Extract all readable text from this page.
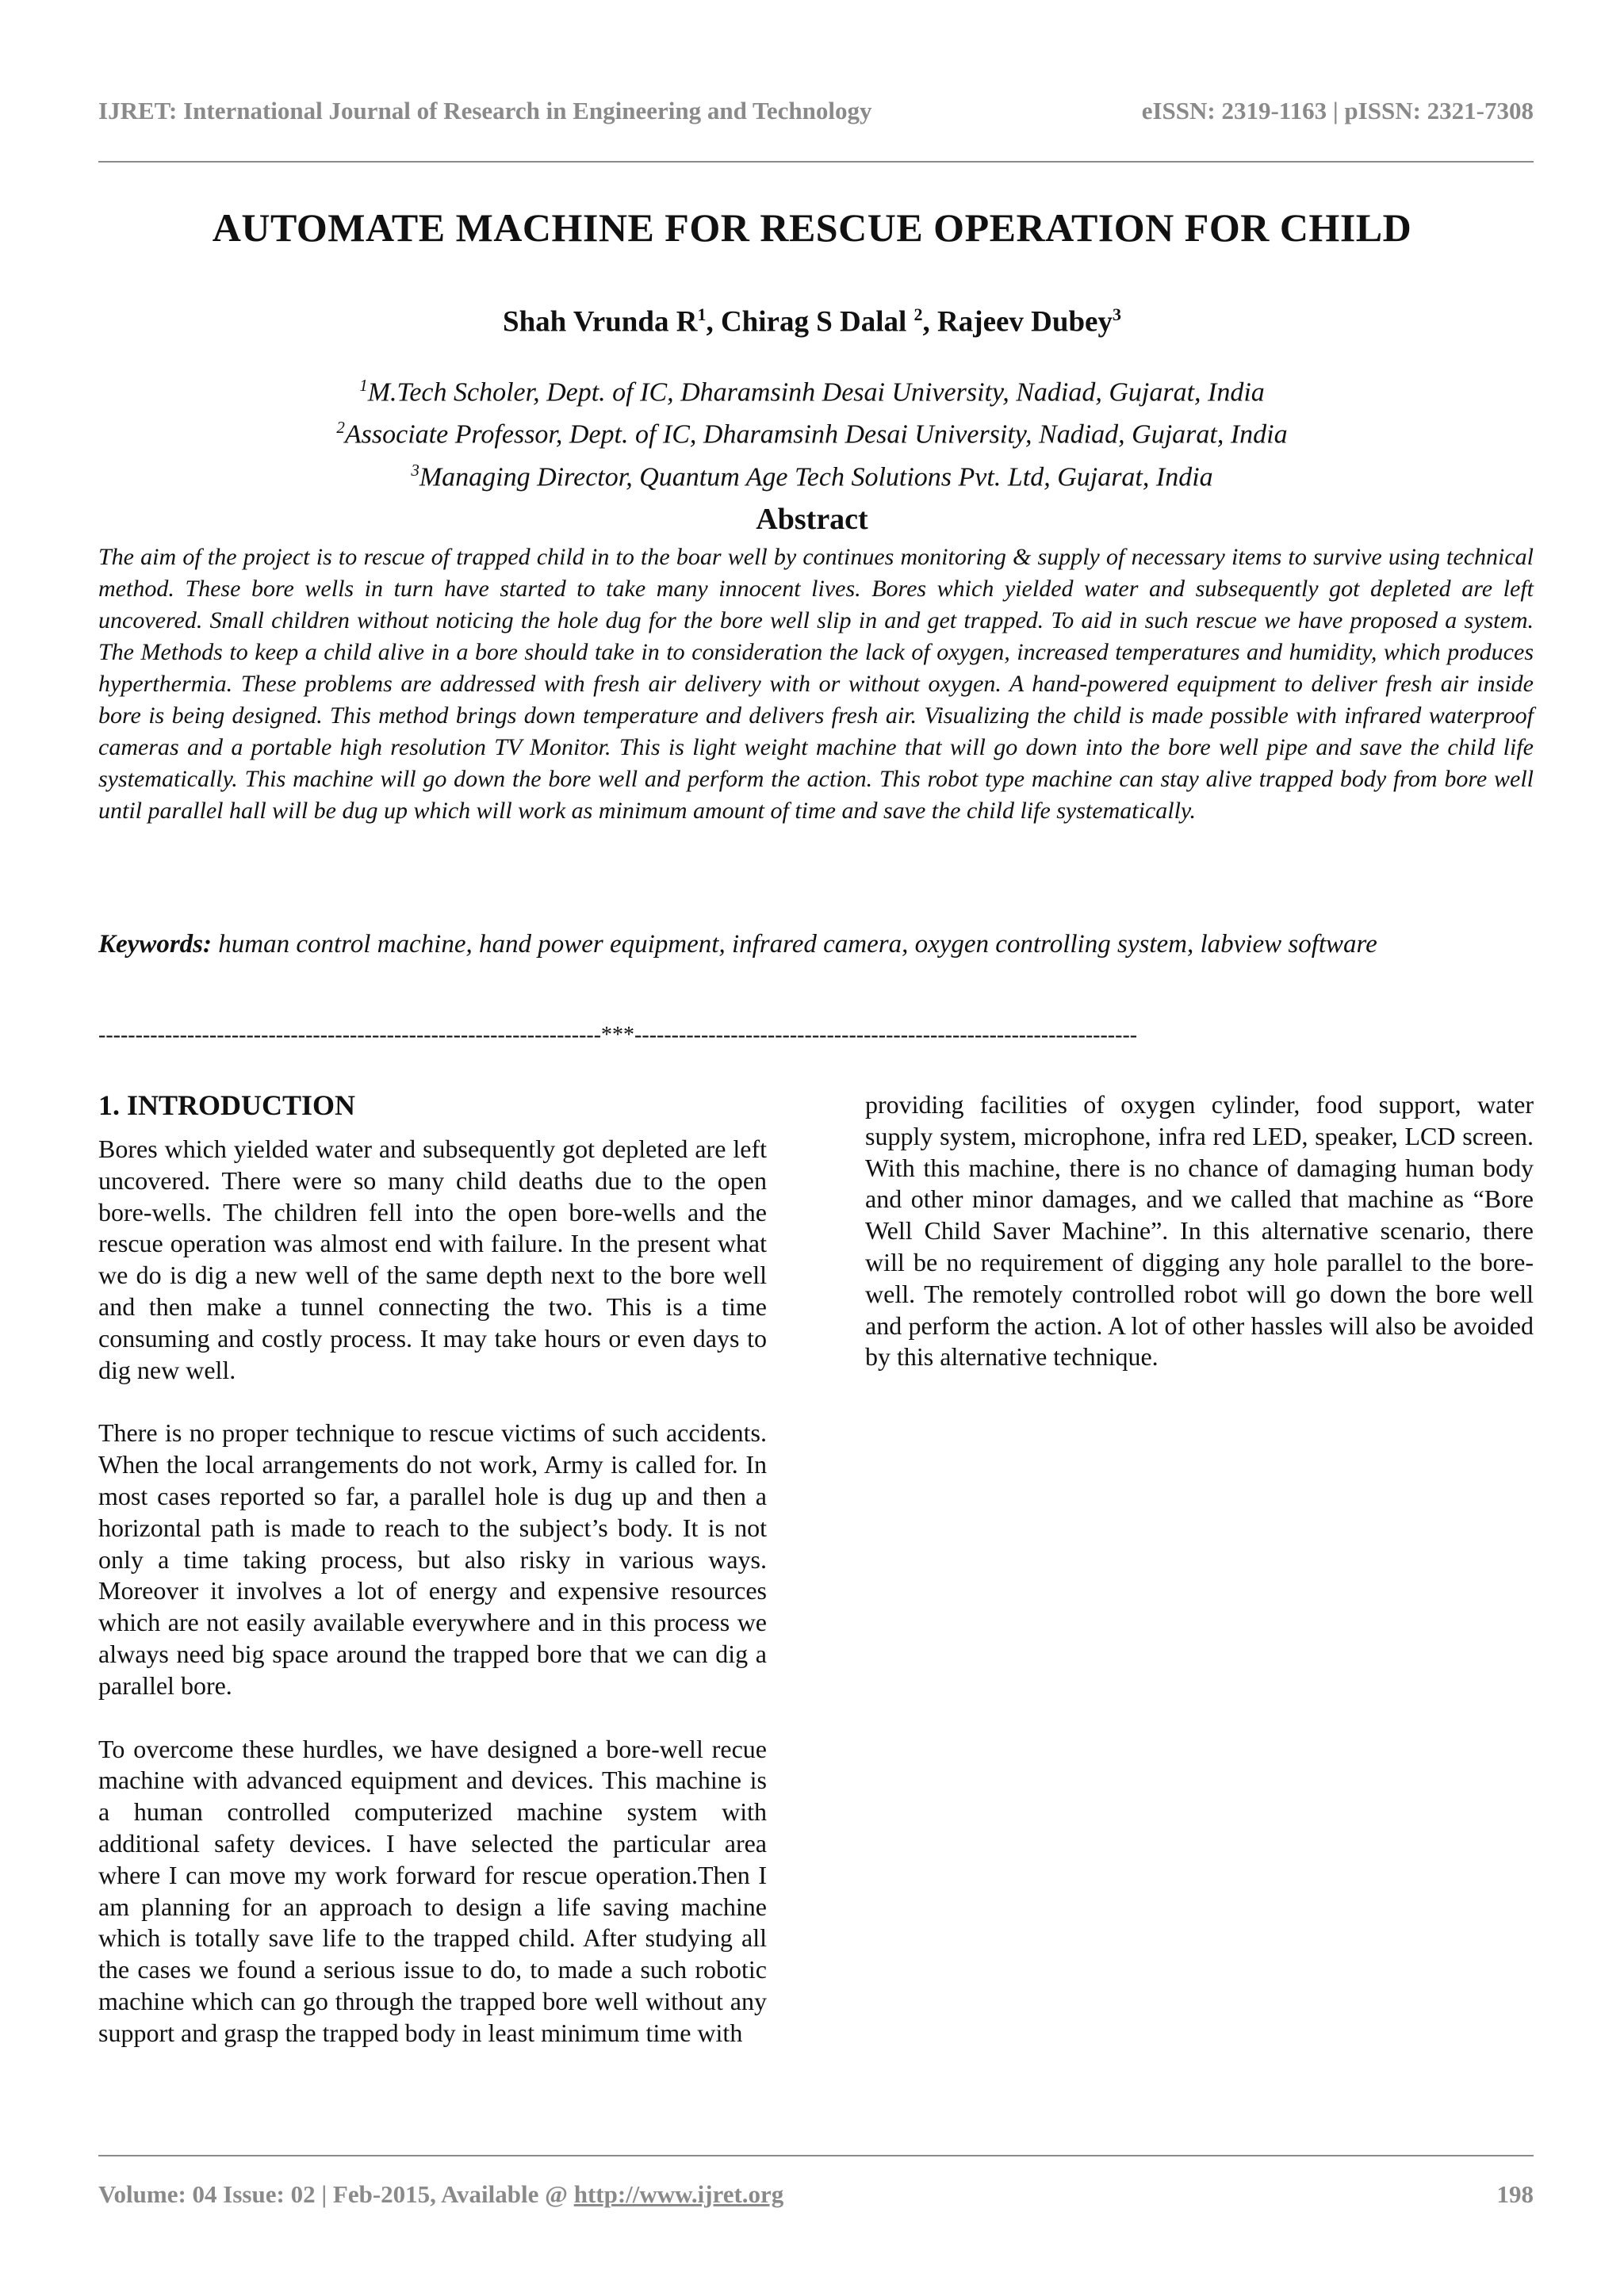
IJRET: International Journal of Research in Engineering and Technology	eISSN: 2319-1163 | pISSN: 2321-7308
AUTOMATE MACHINE FOR RESCUE OPERATION FOR CHILD
Shah Vrunda $R^1$, Chirag S Dalal $^2$, Rajeev Dubey$^3$
$^1$M.Tech Scholer, Dept. of IC, Dharamsinh Desai University, Nadiad, Gujarat, India
$^2$Associate Professor, Dept. of IC, Dharamsinh Desai University, Nadiad, Gujarat, India
$^3$Managing Director, Quantum Age Tech Solutions Pvt. Ltd, Gujarat, India
Abstract

The aim of the project is to rescue of trapped child in to the boar well by continues monitoring & supply of necessary items to survive using technical method. These bore wells in turn have started to take many innocent lives. Bores which yielded water and subsequently got depleted are left uncovered. Small children without noticing the hole dug for the bore well slip in and get trapped. To aid in such rescue we have proposed a system. The Methods to keep a child alive in a bore should take in to consideration the lack of oxygen, increased temperatures and humidity, which produces hyperthermia. These problems are addressed with fresh air delivery with or without oxygen. A hand-powered equipment to deliver fresh air inside bore is being designed. This method brings down temperature and delivers fresh air. Visualizing the child is made possible with infrared waterproof cameras and a portable high resolution TV Monitor. This is light weight machine that will go down into the bore well pipe and save the child life systematically. This machine will go down the bore well and perform the action. This robot type machine can stay alive trapped body from bore well until parallel hall will be dug up which will work as minimum amount of time and save the child life systematically.

Keywords: human control machine, hand power equipment, infrared camera, oxygen controlling system, labview software

--------------------------------------------------------------------***--------------------------------------------------------------------
1. INTRODUCTION

Bores which yielded water and subsequently got depleted are left uncovered. There were so many child deaths due to the open bore-wells. The children fell into the open bore-wells and the rescue operation was almost end with failure. In the present what we do is dig a new well of the same depth next to the bore well and then make a tunnel connecting the two. This is a time consuming and costly process. It may take hours or even days to dig new well.

There is no proper technique to rescue victims of such accidents. When the local arrangements do not work, Army is called for. In most cases reported so far, a parallel hole is dug up and then a horizontal path is made to reach to the subject’s body. It is not only a time taking process, but also risky in various ways. Moreover it involves a lot of energy and expensive resources which are not easily available everywhere and in this process we always need big space around the trapped bore that we can dig a parallel bore.

To overcome these hurdles, we have designed a bore-well recue machine with advanced equipment and devices. This machine is a human controlled computerized machine system with additional safety devices. I have selected the particular area where I can move my work forward for rescue operation.Then I am planning for an approach to design a life saving machine which is totally save life to the trapped child. After studying all the cases we found a serious issue to do, to made a such robotic machine which can go through the trapped bore well without any support and grasp the trapped body in least minimum time with

providing facilities of oxygen cylinder, food support, water supply system, microphone, infra red LED, speaker, LCD screen. With this machine, there is no chance of damaging human body and other minor damages, and we called that machine as “Bore Well Child Saver Machine”. In this alternative scenario, there will be no requirement of digging any hole parallel to the bore-well. The remotely controlled robot will go down the bore well and perform the action. A lot of other hassles will also be avoided by this alternative technique.

Volume: 04 Issue: 02 | Feb-2015, Available @ http://www.ijret.org	198
